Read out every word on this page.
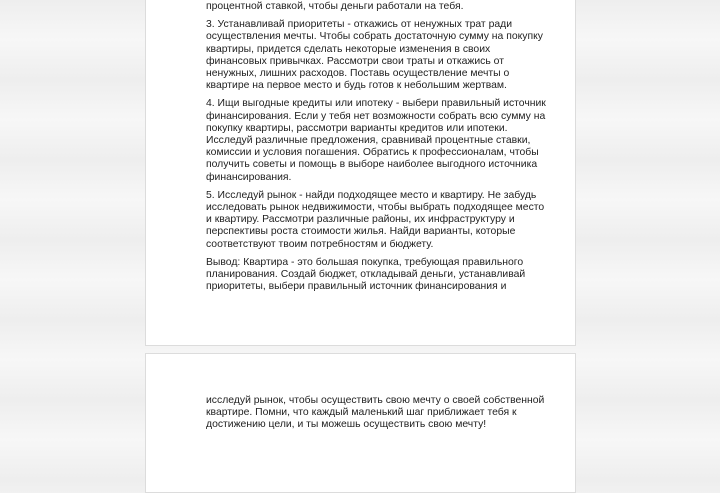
процентной ставкой, чтобы деньги работали на тебя.

3. Устанавливай приоритеты - откажись от ненужных трат ради
осуществления мечты. Чтобы собрать достаточную сумму на покупку
квартиры, придется сделать некоторые изменения в своих
финансовых привычках. Рассмотри свои траты и откажись от
ненужных, лишних расходов. Поставь осуществление мечты о
квартире на первое место и будь готов к небольшим жертвам.

4. Ищи выгодные кредиты или ипотеку - выбери правильный источник
финансирования. Если у тебя нет возможности собрать всю сумму на
покупку квартиры, рассмотри варианты кредитов или ипотеки.
Исследуй различные предложения, сравнивай процентные ставки,
комиссии и условия погашения. Обратись к профессионалам, чтобы
получить советы и помощь в выборе наиболее выгодного источника
финансирования.

5. Исследуй рынок - найди подходящее место и квартиру. Не забудь
исследовать рынок недвижимости, чтобы выбрать подходящее место
и квартиру. Рассмотри различные районы, их инфраструктуру и
перспективы роста стоимости жилья. Найди варианты, которые
соответствуют твоим потребностям и бюджету.

Вывод: Квартира - это большая покупка, требующая правильного
планирования. Создай бюджет, откладывай деньги, устанавливай
приоритеты, выбери правильный источник финансирования и

исследуй рынок, чтобы осуществить свою мечту о своей собственной
квартире. Помни, что каждый маленький шаг приближает тебя к
достижению цели, и ты можешь осуществить свою мечту!
